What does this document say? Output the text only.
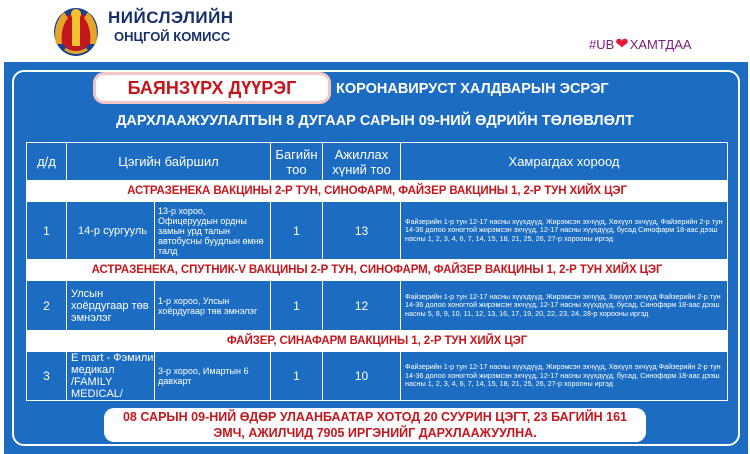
НИЙСЛЭЛИЙН
ОНЦГОЙ КОМИСС	#UB ❤ ХАМТДАА
БАЯНЗҮРХ ДҮҮРЭГ	КОРОНАВИРУСТ ХАЛДВАРЫН ЭСРЭГ
ДАРХЛААЖУУЛАЛТЫН 8 ДУГААР САРЫН 09-НИЙ ӨДРИЙН ТӨЛӨВЛӨЛТ
д/д	Цэгийн байршил		Багийн тоо	Ажиллах хүний тоо	Хамрагдах хороод
АСТРАЗЕНЕКА ВАКЦИНЫ 2-Р ТУН, СИНОФАРМ, ФАЙЗЕР ВАКЦИНЫ 1, 2-Р ТУН ХИЙХ ЦЭГ					
1	14-р сургууль	13-р хороо, Офицеруудын ордны замын урд талын автобусны буудлын өмнө талд	1	13	Файзерийн 1-р тун 12-17 насны хүүхдүүд, Жирэмсэн эхчүүд, Хөхүүл эхчүүд, Файзерийн 2-р тун 14-36 долоо хоногтой жирэмсэн эхчүүд, 12-17 насны хүүхдүүд, бусад Синофарм 18-аас дээш насны 1, 2, 3, 4, 6, 7, 14, 15, 18, 21, 25, 26, 27-р хорооны иргэд
АСТРАЗЕНЕКА, СПУТНИК-V ВАКЦИНЫ 2-Р ТУН, СИНОФАРМ, ФАЙЗЕР ВАКЦИНЫ 1, 2-Р ТУН ХИЙХ ЦЭГ					
2	Улсын хоёрдугаар төв эмнэлэг	1-р хороо, Улсын хоёрдугаар төв эмнэлэг	1	12	Файзерийн 1-р тун 12-17 насны хүүхдүүд, Жирэмсэн эхчүүд, Хөхүүл эхчүүд Файзерийн 2-р тун 14-36 долоо хоногтой жирэмсэн эхчүүд, 12-17 насны хүүхдүүд, бусад, Синофарм 18-аас дээш насны 5, 8, 9, 10, 11, 12, 13, 16, 17, 19, 20, 22, 23, 24, 28-р хорооны иргэд
ФАЙЗЕР, СИНАФАРМ ВАКЦИНЫ 1, 2-Р ТУН ХИЙХ ЦЭГ					
3	E mart - Фэмили медикал /FAMILY MEDICAL/	3-р хороо, Имартын 6 давхарт	1	10	Файзерийн 1-р тун 12-17 насны хүүхдүүд, Жирэмсэн эхчүүд, Хөхүүл эхчүүд Файзерийн 2-р тун 14-36 долоо хоногтой жирэмсэн эхчүүд, 12-17 насны хүүхдүүд, бусад, Синофарм 18-аас дээш насны 1, 2, 3, 4, 6, 7, 14, 15, 18, 21, 25, 26, 27-р хорооны иргэд
08 САРЫН 09-НИЙ ӨДӨР УЛААНБААТАР ХОТОД 20 СУУРИН ЦЭГТ, 23 БАГИЙН 161
ЭМЧ, АЖИЛЧИД 7905 ИРГЭНИЙГ ДАРХЛААЖУУЛНА.
